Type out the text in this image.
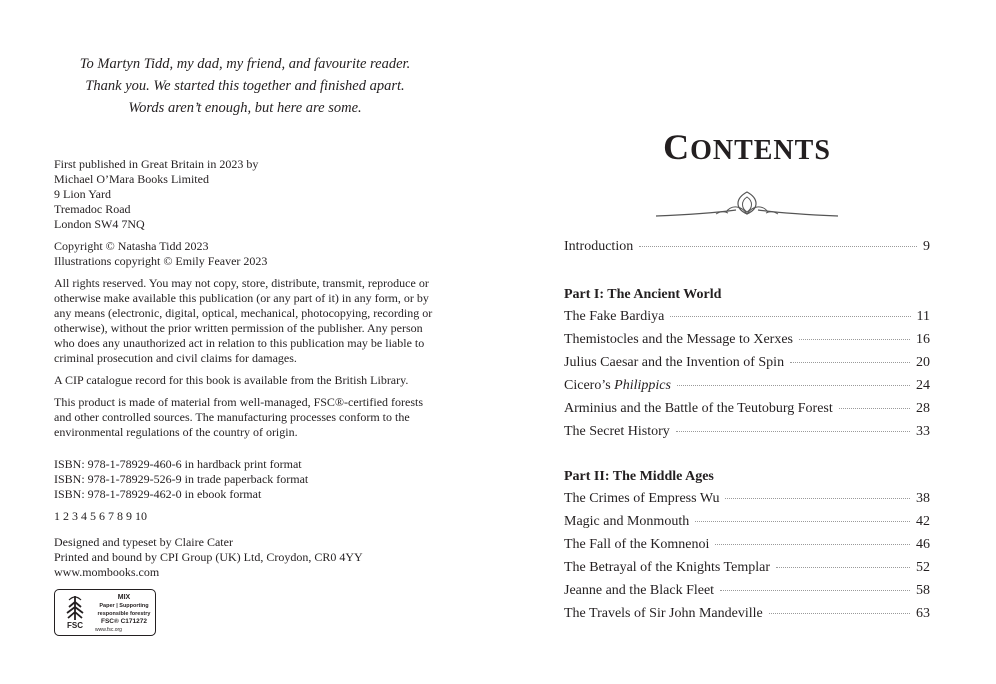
To Martyn Tidd, my dad, my friend, and favourite reader.
Thank you. We started this together and finished apart.
Words aren’t enough, but here are some.

First published in Great Britain in 2023 by
Michael O’Mara Books Limited
9 Lion Yard
Tremadoc Road
London SW4 7NQ

Copyright © Natasha Tidd 2023
Illustrations copyright © Emily Feaver 2023

All rights reserved. You may not copy, store, distribute, transmit, reproduce or otherwise make available this publication (or any part of it) in any form, or by any means (electronic, digital, optical, mechanical, photocopying, recording or otherwise), without the prior written permission of the publisher. Any person who does any unauthorized act in relation to this publication may be liable to criminal prosecution and civil claims for damages.

A CIP catalogue record for this book is available from the British Library.

This product is made of material from well-managed, FSC®-certified forests and other controlled sources. The manufacturing processes conform to the environmental regulations of the country of origin.

ISBN: 978-1-78929-460-6 in hardback print format
ISBN: 978-1-78929-526-9 in trade paperback format
ISBN: 978-1-78929-462-0 in ebook format

1 2 3 4 5 6 7 8 9 10

Designed and typeset by Claire Cater
Printed and bound by CPI Group (UK) Ltd, Croydon, CR0 4YY
www.mombooks.com

FSC
MIX
Paper | Supporting
responsible forestry
FSC® C171272
www.fsc.org
CONTENTS
Introduction	9
Part I: The Ancient World
The Fake Bardiya	11
Themistocles and the Message to Xerxes	16
Julius Caesar and the Invention of Spin	20
Cicero’s Philippics	24
Arminius and the Battle of the Teutoburg Forest	28
The Secret History	33
Part II: The Middle Ages
The Crimes of Empress Wu	38
Magic and Monmouth	42
The Fall of the Komnenoi	46
The Betrayal of the Knights Templar	52
Jeanne and the Black Fleet	58
The Travels of Sir John Mandeville	63
